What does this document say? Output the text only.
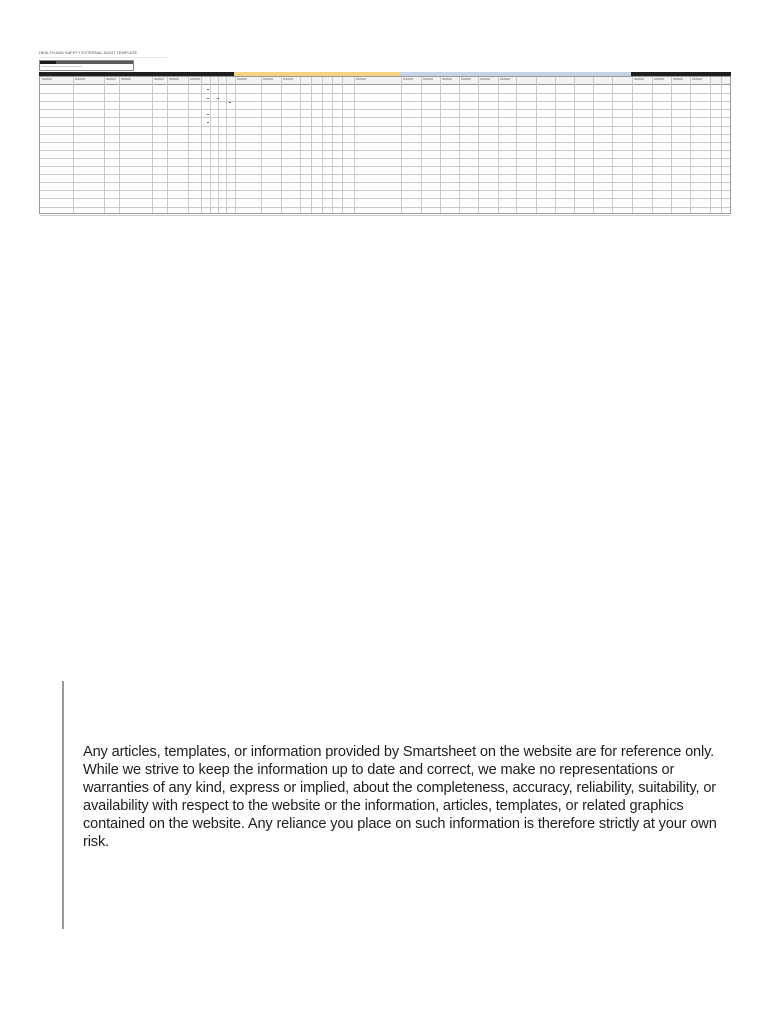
HEALTH AND SAFETY EXTERNAL AUDIT TEMPLATE

Any articles, templates, or information provided by Smartsheet on the website are for reference only. While we strive to keep the information up to date and correct, we make no representations or warranties of any kind, express or implied, about the completeness, accuracy, reliability, suitability, or availability with respect to the website or the information, articles, templates, or related graphics contained on the website. Any reliance you place on such information is therefore strictly at your own risk.
